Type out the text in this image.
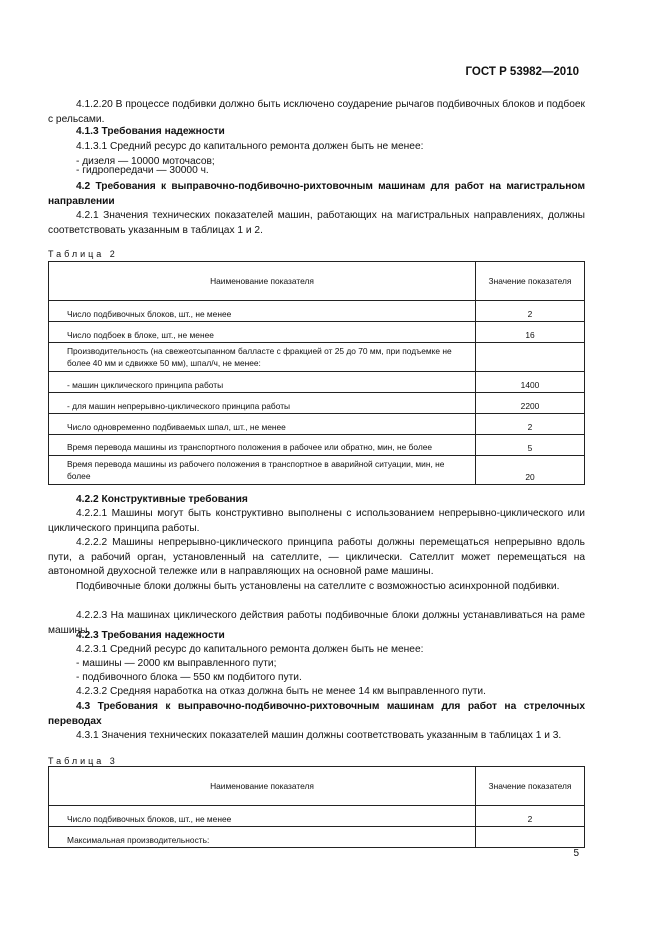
ГОСТ Р 53982—2010
4.1.2.20 В процессе подбивки должно быть исключено соударение рычагов подбивочных блоков и подбоек с рельсами.
4.1.3 Требования надежности
4.1.3.1 Средний ресурс до капитального ремонта должен быть не менее:
- дизеля — 10000 моточасов;
- гидропередачи — 30000 ч.
4.2 Требования к выправочно-подбивочно-рихтовочным машинам для работ на магистральном направлении
4.2.1 Значения технических показателей машин, работающих на магистральных направлениях, должны соответствовать указанным в таблицах 1 и 2.
Таблица 2
Наименование показателя	Значение показателя
Число подбивочных блоков, шт., не менее	2
Число подбоек в блоке, шт., не менее	16
Производительность (на свежеотсыпанном балласте с фракцией от 25 до 70 мм, при подъемке не более 40 мм и сдвижке 50 мм), шпал/ч, не менее:	
- машин циклического принципа работы	1400
- для машин непрерывно-циклического принципа работы	2200
Число одновременно подбиваемых шпал, шт., не менее	2
Время перевода машины из транспортного положения в рабочее или обратно, мин, не более	5
Время перевода машины из рабочего положения в транспортное в аварийной ситуации, мин, не более	20
4.2.2 Конструктивные требования
4.2.2.1 Машины могут быть конструктивно выполнены с использованием непрерывно-циклического или циклического принципа работы.
4.2.2.2 Машины непрерывно-циклического принципа работы должны перемещаться непрерывно вдоль пути, а рабочий орган, установленный на сателлите, — циклически. Сателлит может перемещаться на автономной двухосной тележке или в направляющих на основной раме машины.
Подбивочные блоки должны быть установлены на сателлите с возможностью асинхронной подбивки.
4.2.2.3 На машинах циклического действия работы подбивочные блоки должны устанавливаться на раме машины.
4.2.3 Требования надежности
4.2.3.1 Средний ресурс до капитального ремонта должен быть не менее:
- машины — 2000 км выправленного пути;
- подбивочного блока — 550 км подбитого пути.
4.2.3.2 Средняя наработка на отказ должна быть не менее 14 км выправленного пути.
4.3 Требования к выправочно-подбивочно-рихтовочным машинам для работ на стрелочных переводах
4.3.1 Значения технических показателей машин должны соответствовать указанным в таблицах 1 и 3.
Таблица 3
Наименование показателя	Значение показателя
Число подбивочных блоков, шт., не менее	2
Максимальная производительность:	
5
